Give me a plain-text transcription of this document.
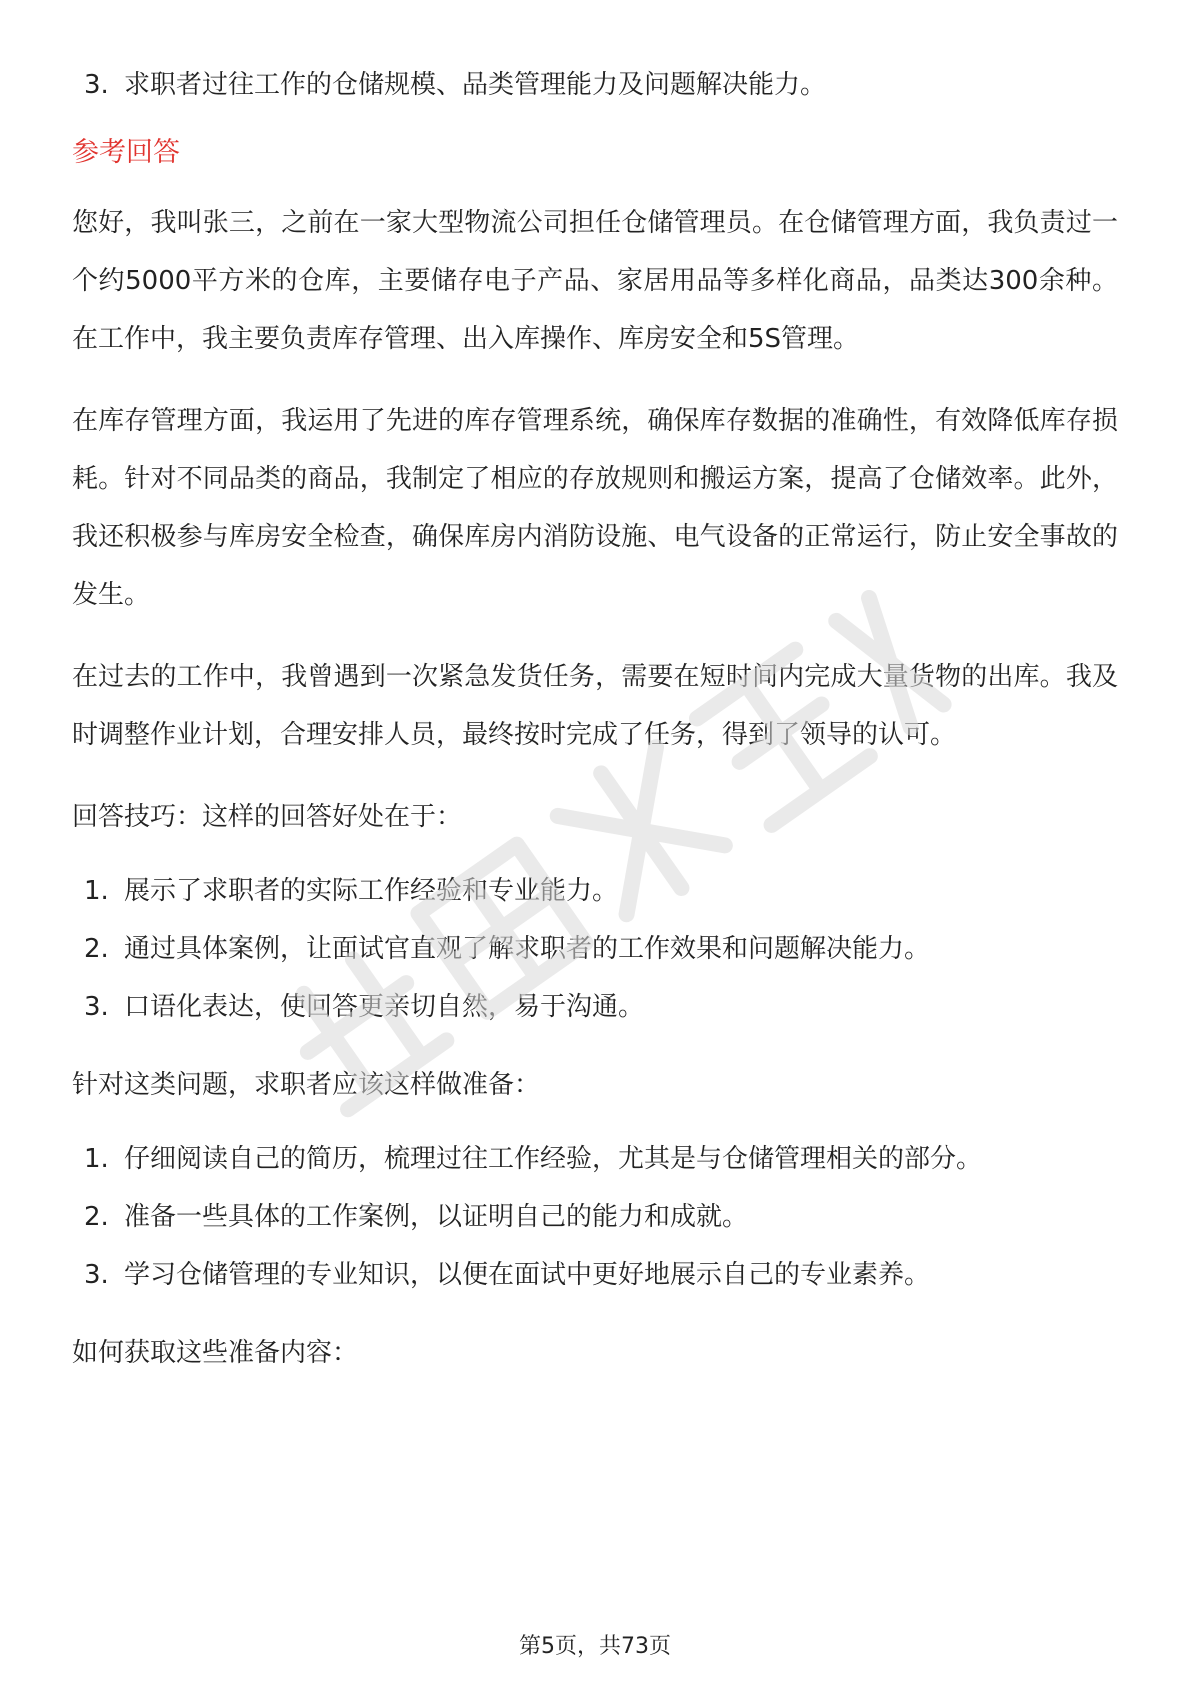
3. 求职者过往工作的仓储规模、品类管理能力及问题解决能力。
参考回答

您好，我叫张三，之前在一家大型物流公司担任仓储管理员。在仓储管理方面，我负责过一个约5000平方米的仓库，主要储存电子产品、家居用品等多样化商品，品类达300余种。在工作中，我主要负责库存管理、出入库操作、库房安全和5S管理。

在库存管理方面，我运用了先进的库存管理系统，确保库存数据的准确性，有效降低库存损耗。针对不同品类的商品，我制定了相应的存放规则和搬运方案，提高了仓储效率。此外，我还积极参与库房安全检查，确保库房内消防设施、电气设备的正常运行，防止安全事故的发生。

在过去的工作中，我曾遇到一次紧急发货任务，需要在短时间内完成大量货物的出库。我及时调整作业计划，合理安排人员，最终按时完成了任务，得到了领导的认可。

回答技巧：这样的回答好处在于：
1. 展示了求职者的实际工作经验和专业能力。
2. 通过具体案例，让面试官直观了解求职者的工作效果和问题解决能力。
3. 口语化表达，使回答更亲切自然，易于沟通。
针对这类问题，求职者应该这样做准备：
1. 仔细阅读自己的简历，梳理过往工作经验，尤其是与仓储管理相关的部分。
2. 准备一些具体的工作案例，以证明自己的能力和成就。
3. 学习仓储管理的专业知识，以便在面试中更好地展示自己的专业素养。
如何获取这些准备内容：
第5页，共73页
